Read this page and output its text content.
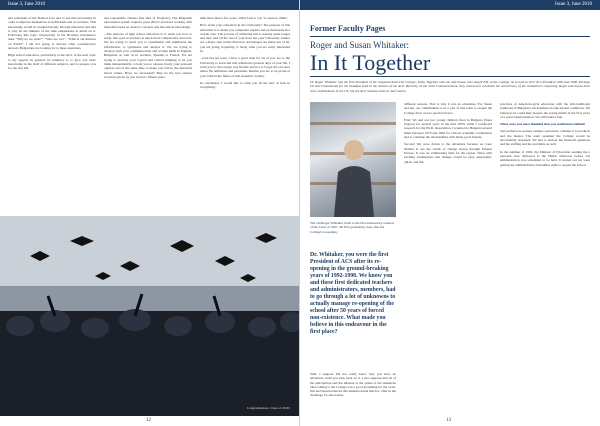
Issue 3, June 2010

and principles of the Natural Law and to use this knowledge in order to improve themselves as individuals and as societies. This knowledge would be acquired mostly through education and that is why all the thinkers of the time emphasised so much on it. Following this logic, Dostoevsky in the Brothers Karamazov asks: "Why do we exist?", "Who are we?", "What is our mission on Earth?" I am not going to discuss what contemporary answers Bulgarians are looking for to these questions.

High school education, particularly at the ACS, is the next topic to my speech. In general, its tendency is to give you basic knowledge in the field of different subjects, and to prepare you for the real life.

and responsible citizens (the idea of Progress). The Bulgarian educational system requires great efforts and hard working with materials based on abstract concepts and theoretical knowledge.

...The purpose of high school education is to teach you how to study. Our goal as teachers is much more complicated, however. We are trying to teach you to systematise and summarise the information, to synthesise and analyse it. We are trying to develop both your communication and written skills in English, Bulgarian as well as in German, Spanish or French. We are trying to develop your logical and critical thinking to let you think independently, to help you to express freely your personal opinion and at the same time to make you follow the universal moral values. Have we succeeded? May be the best answer would be given by you in ten to fifteen years.

time more than a few years. What I am to you "to learn to think".

How about your education in the University? The purpose of this education is to make you competent experts and professionals in a certain area. The process of achieving this is usually quite longer and may take all the rest of your lives but your University studies are a major step in this direction. Advantages are many but of all, you are going, hopefully, to study what you are really interested in.

...Last but not least, I have a great wish for all of you. Go to the University to learn and will remain the greatest days of your life. I wish you to have many true friends and not to forget the old ones either. Be ambitious and persistent. Realise you are to be proud of your faith in the future of this beautiful country.

In conclusion, I would like to wish you all the best of luck in everything!

Congratulations, Class of 2010!
12
Issue 3, June 2010
Former Faculty Pages
Roger and Susan Whitaker:
In It Together
Dr. Roger Whitaker was the first President of the reopened American College, Sofia. Together with his wife Susan, who taught ESL at the College, he served as ACS' first President 1992 and 1998. Perhaps his best remembered for his steadfast faith in the mission of the ACS. Recently, at the 2010 Commencement, they returned to celebrate the anniversary of the institution's reopening. Roger and Susan have since settled down in the US, but the ACS remains close to their hearts.
The old Roger Whitaker visits to the first anniversary reunion of the Class of 1997, the first graduating class after the College's reopening.
Dr. Whitaker, you were the first President of ACS after its re-opening in the ground-breaking years of 1992-1998. We know you and these first dedicated teachers and administrators, members, had to go through a lot of unknowns to actually manage re-opening of the school after 50 years of forced non-existence. What made you believe in this endeavour in the first place?

Well, I suppose I'm not really know why you have an adventure, until you look back on it. I also suppose that all of the anticipation and the mission at the outset of the American idea coming to the College was a good grounding for the work. Jim and Susan believed this institution had much to offer in the challenge for innovation.

different reasons. That is why it was an adventure. For Susan and me, our commitment to be a part of that team to reopen the College drew on two special factors.

First: We and our two young children lived in Bulgaria (Stara Zagora) for several years in the mid 1970s while I conducted research for my Ph.D. dissertation. I returned to Bulgaria several times between 1976 and 1992 for various academic conferences and to continue the relationships with many good friends.

Second: We were drawn to the adventure because we were thrilled to see the winds of change sweep through Eastern Europe. It was an exhilarating time for the region, filled with exciting assumptions that change would be easy, purposeful, quick, and fair.

practices of American-style education with the still-traditional traditions of Bulgaria's environment in educational conditions. We believed we could help prepare the young minds in the first years of a great transformation. We still believe that.

What were you most thankful that you could leave behind?

Successful non-western campus operations, whether it is products and the master. The team assumed the College would be successfully reopened. We had to answer the financial questions and the staffing and the problems as well.

In the summer of 1992, the Minister of Education sending me a personal note delivered to the Hilton afternoon before our administration was scheduled to be held. It turned out we were getting the administrative formalities right to reopen the school.

13
